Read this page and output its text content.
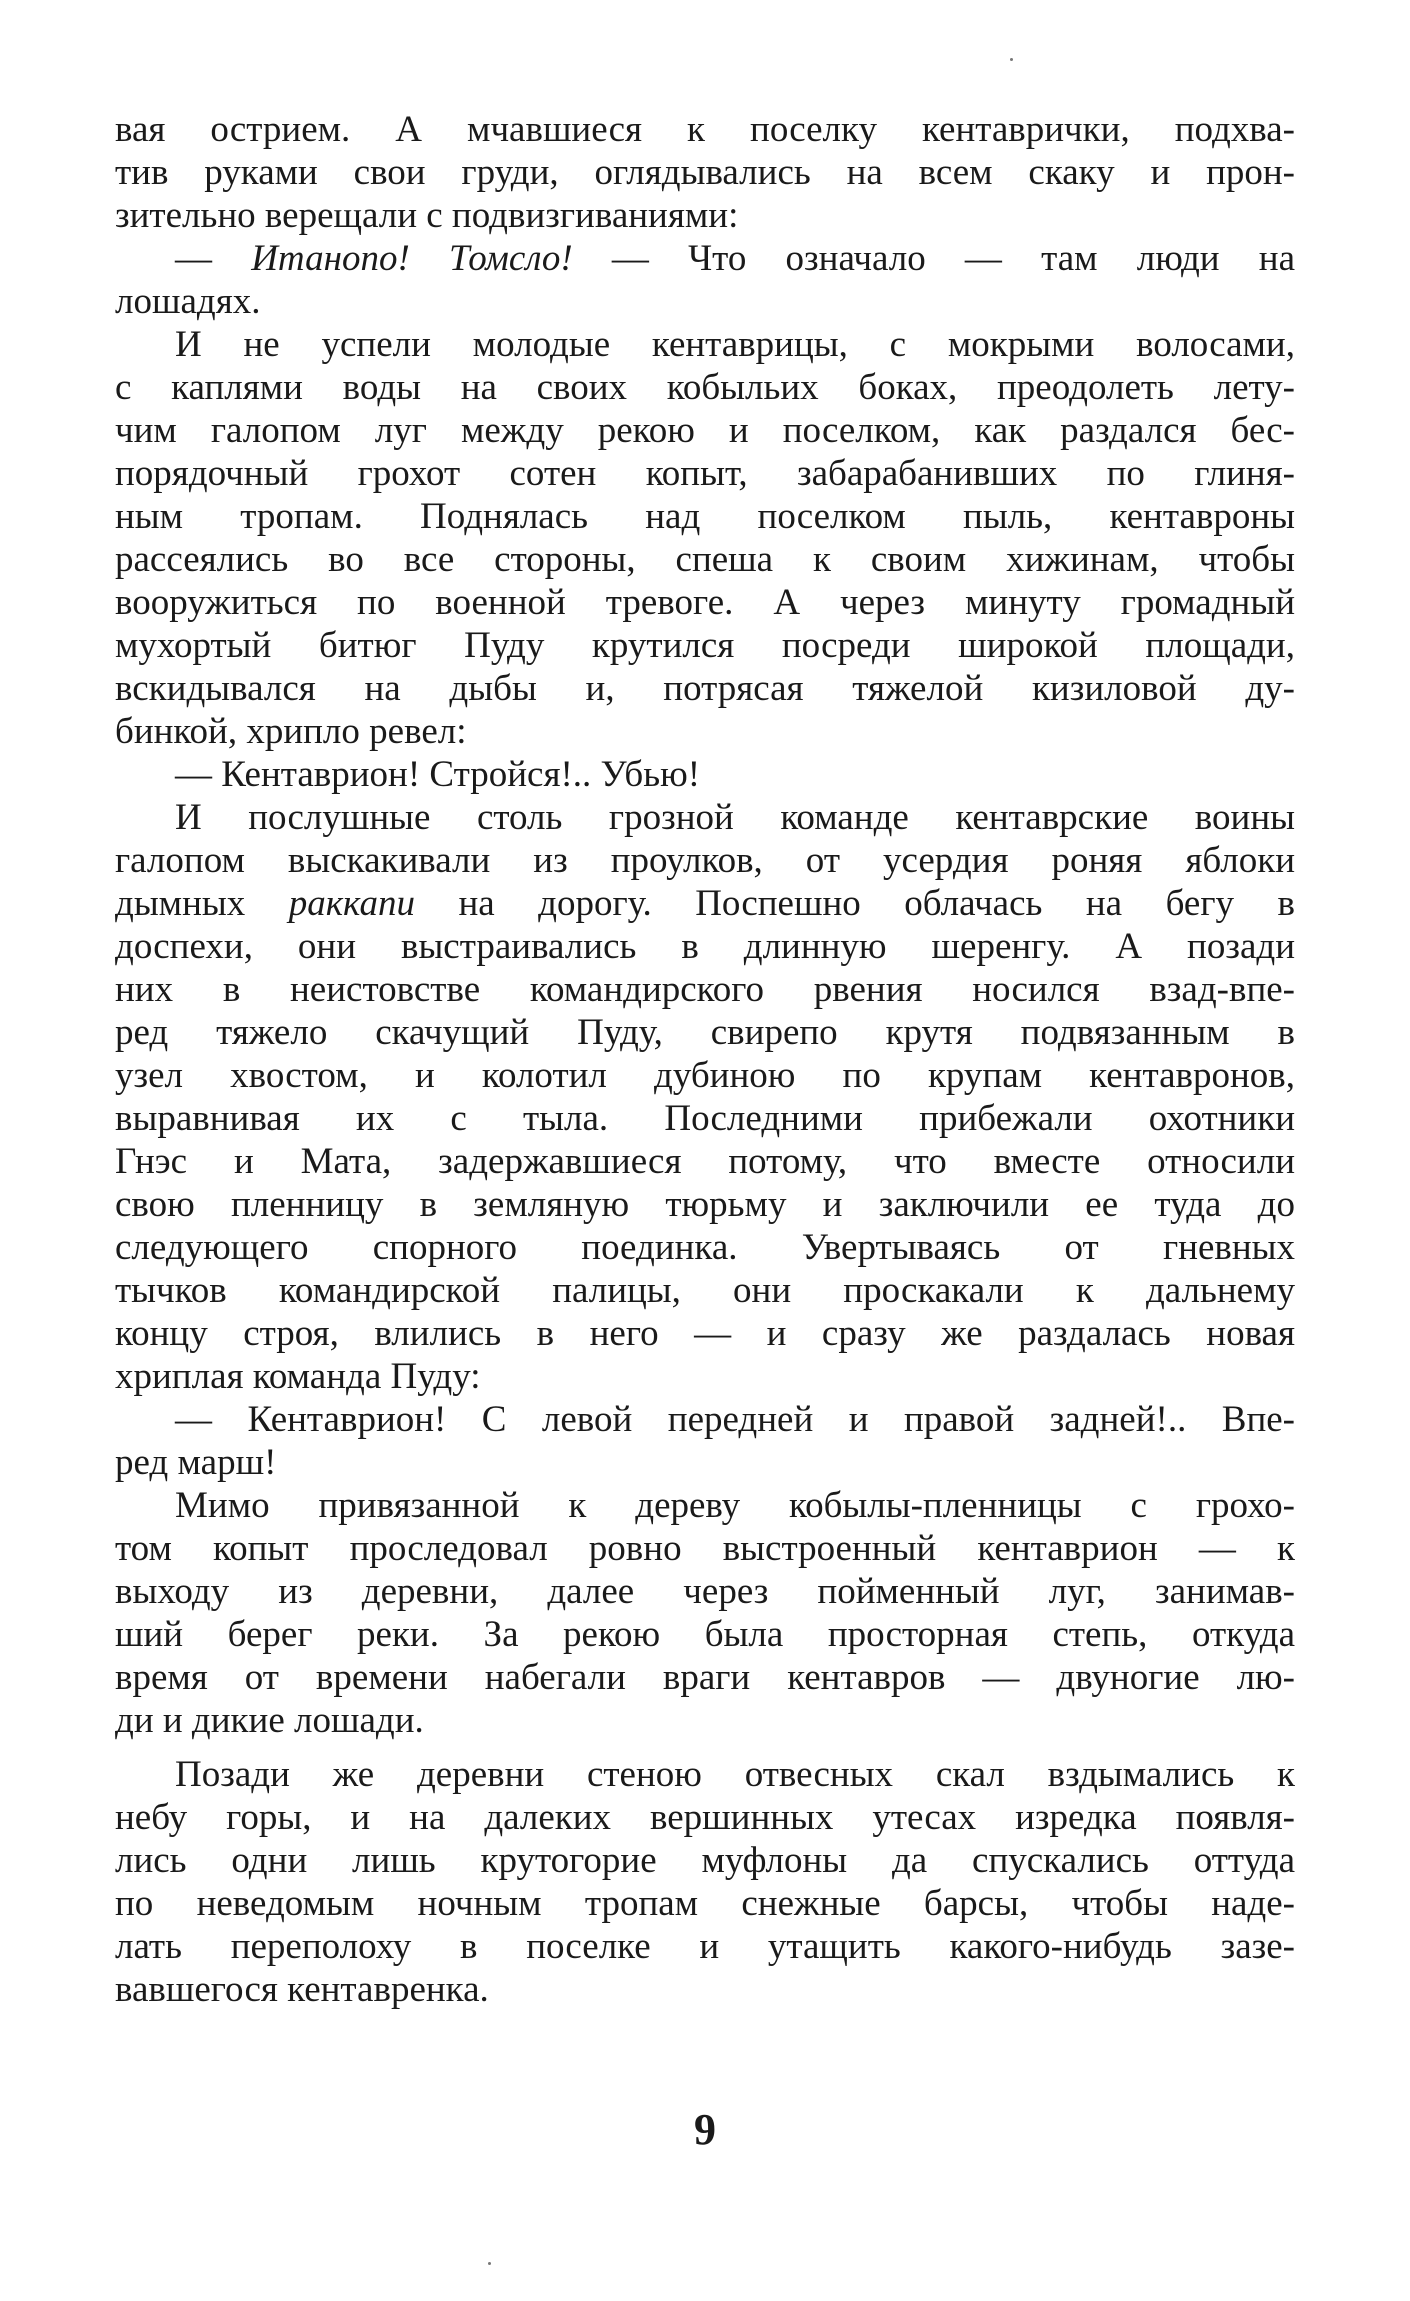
вая острием. А мчавшиеся к поселку кентаврички, подхва-
тив руками свои груди, оглядывались на всем скаку и прон-
зительно верещали с подвизгиваниями:
— Итанопо! Томсло! — Что означало — там люди на
лошадях.
И не успели молодые кентаврицы, с мокрыми волосами,
с каплями воды на своих кобыльих боках, преодолеть лету-
чим галопом луг между рекою и поселком, как раздался бес-
порядочный грохот сотен копыт, забарабанивших по глиня-
ным тропам. Поднялась над поселком пыль, кентавроны
рассеялись во все стороны, спеша к своим хижинам, чтобы
вооружиться по военной тревоге. А через минуту громадный
мухортый битюг Пуду крутился посреди широкой площади,
вскидывался на дыбы и, потрясая тяжелой кизиловой ду-
бинкой, хрипло ревел:
— Кентаврион! Стройся!.. Убью!
И послушные столь грозной команде кентаврские воины
галопом выскакивали из проулков, от усердия роняя яблоки
дымных раккапи на дорогу. Поспешно облачась на бегу в
доспехи, они выстраивались в длинную шеренгу. А позади
них в неистовстве командирского рвения носился взад-впе-
ред тяжело скачущий Пуду, свирепо крутя подвязанным в
узел хвостом, и колотил дубиною по крупам кентавронов,
выравнивая их с тыла. Последними прибежали охотники
Гнэс и Мата, задержавшиеся потому, что вместе относили
свою пленницу в земляную тюрьму и заключили ее туда до
следующего спорного поединка. Увертываясь от гневных
тычков командирской палицы, они проскакали к дальнему
концу строя, влились в него — и сразу же раздалась новая
хриплая команда Пуду:
— Кентаврион! С левой передней и правой задней!.. Впе-
ред марш!
Мимо привязанной к дереву кобылы-пленницы с грохо-
том копыт проследовал ровно выстроенный кентаврион — к
выходу из деревни, далее через пойменный луг, занимав-
ший берег реки. За рекою была просторная степь, откуда
время от времени набегали враги кентавров — двуногие лю-
ди и дикие лошади.
Позади же деревни стеною отвесных скал вздымались к
небу горы, и на далеких вершинных утесах изредка появля-
лись одни лишь крутогорие муфлоны да спускались оттуда
по неведомым ночным тропам снежные барсы, чтобы наде-
лать переполоху в поселке и утащить какого-нибудь зазе-
вавшегося кентавренка.
9
